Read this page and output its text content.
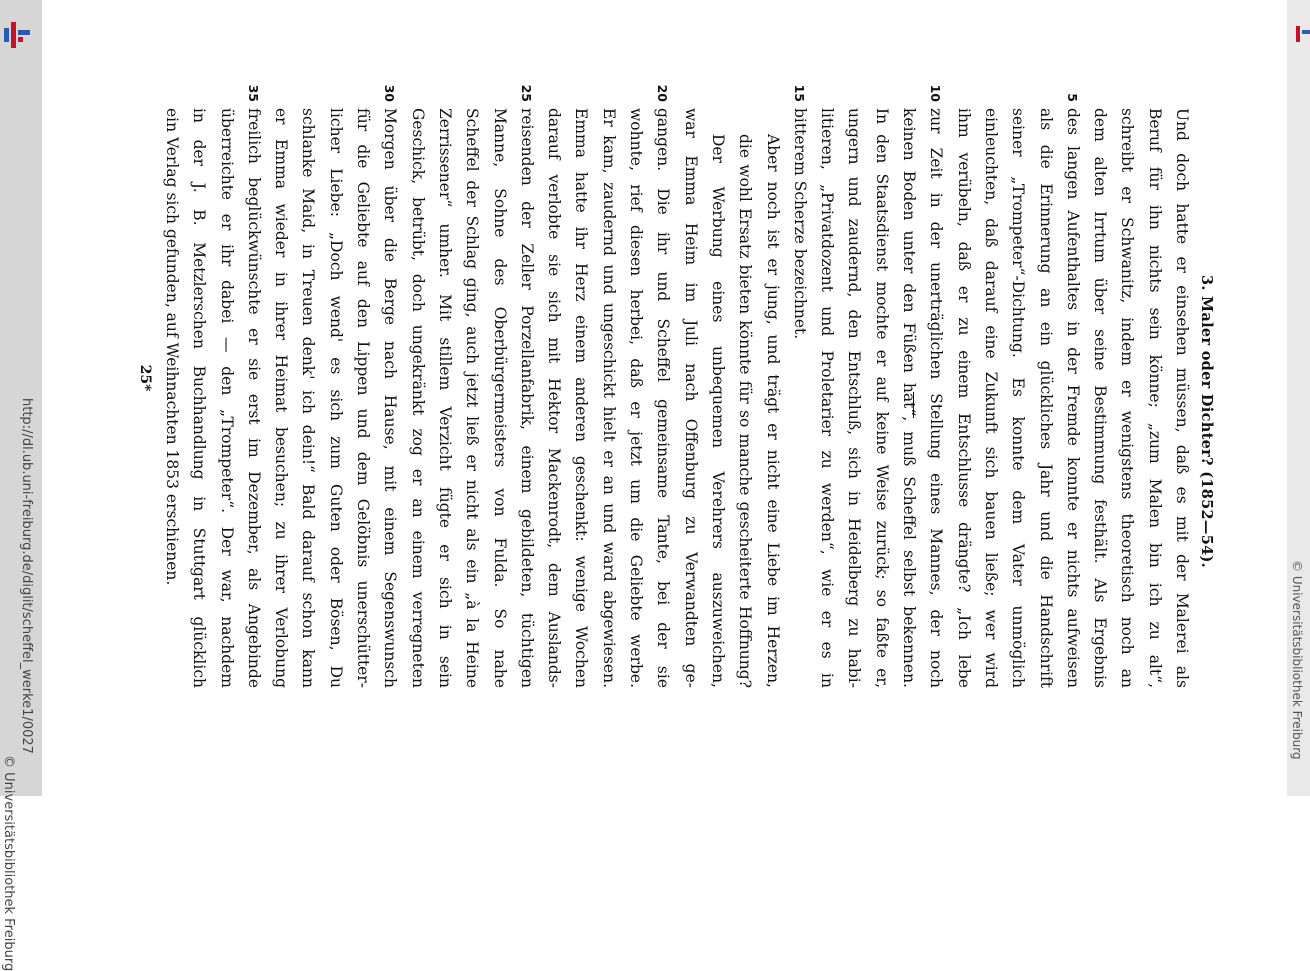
http://dl.ub.uni-freiburg.de/diglit/scheffel_werke1/0027
© Universitätsbibliothek Freiburg
© Universitätsbibliothek Freiburg
3. Maler oder Dichter? (1852—54).
Und doch hatte er einsehen müssen, daß es mit der Malerei als
Beruf für ihn nichts sein könne; „zum Malen bin ich zu alt“,
schreibt er Schwanitz, indem er wenigstens theoretisch noch an
dem alten Irrtum über seine Bestimmung festhält. Als Ergebnis
des langen Aufenthaltes in der Fremde konnte er nichts aufweisen
5
als die Erinnerung an ein glückliches Jahr und die Handschrift
seiner „Trompeter“-Dichtung. Es konnte dem Vater unmöglich
einleuchten, daß darauf eine Zukunft sich bauen ließe; wer wird
ihm verübeln, daß er zu einem Entschlusse drängte? „Ich lebe
zur Zeit in der unerträglichen Stellung eines Mannes, der noch
10
keinen Boden unter den Füßen hat“, muß Scheffel selbst bekennen.
In den Staatsdienst mochte er auf keine Weise zurück; so faßte er,
ungern und zaudernd, den Entschluß, sich in Heidelberg zu habi-
litieren, „Privatdozent und Proletarier zu werden“, wie er es in
bitterem Scherze bezeichnet.
15
Aber noch ist er jung, und trägt er nicht eine Liebe im Herzen,
die wohl Ersatz bieten könnte für so manche gescheiterte Hoffnung?
Der Werbung eines unbequemen Verehrers auszuweichen,
war Emma Heim im Juli nach Offenburg zu Verwandten ge-
gangen. Die ihr und Scheffel gemeinsame Tante, bei der sie
20
wohnte, rief diesen herbei, daß er jetzt um die Geliebte werbe.
Er kam, zaudernd und ungeschickt hielt er an und ward abgewiesen.
Emma hatte ihr Herz einem anderen geschenkt: wenige Wochen
darauf verlobte sie sich mit Hektor Mackenrodt, dem Auslands-
reisenden der Zeller Porzellanfabrik, einem gebildeten, tüchtigen
25
Manne, Sohne des Oberbürgermeisters von Fulda. So nahe
Scheffel der Schlag ging, auch jetzt ließ er nicht als ein „à la Heine
Zerrissener“ umher. Mit stillem Verzicht fügte er sich in sein
Geschick, betrübt, doch ungekränkt zog er an einem verregneten
Morgen über die Berge nach Hause, mit einem Segenswunsch
30
für die Geliebte auf den Lippen und dem Gelöbnis unerschütter-
licher Liebe: „Doch wend' es sich zum Guten oder Bösen, Du
schlanke Maid, in Treuen denk' ich dein!“ Bald darauf schon kann
er Emma wieder in ihrer Heimat besuchen; zu ihrer Verlobung
freilich beglückwünschte er sie erst im Dezember, als Angebinde
35
überreichte er ihr dabei — den „Trompeter“. Der war, nachdem
in der J. B. Metzlerschen Buchhandlung in Stuttgart glücklich
ein Verlag sich gefunden, auf Weihnachten 1853 erschienen.
25*
